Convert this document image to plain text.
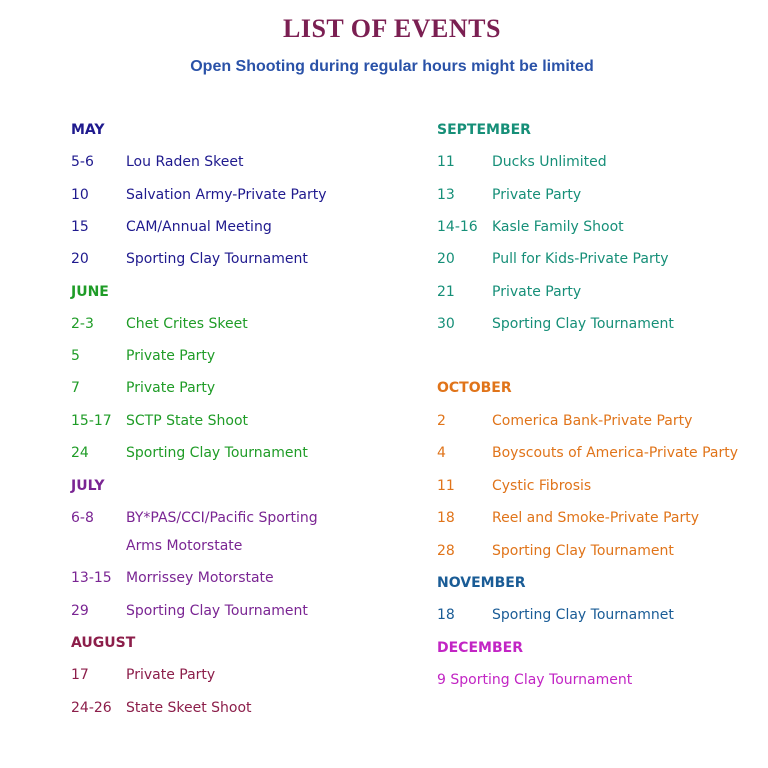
LIST OF EVENTS
Open Shooting during regular hours might be limited
MAY
5-6 Lou Raden Skeet
10	Salvation Army-Private Party
15	CAM/Annual Meeting
20	Sporting Clay Tournament
JUNE
2-3 Chet Crites Skeet
5	Private Party
7	Private Party
15-17 SCTP State Shoot
24	Sporting Clay Tournament
JULY
6-8 BY*PAS/CCI/Pacific Sporting
Arms Motorstate
13-15 Morrissey Motorstate
29	Sporting Clay Tournament
AUGUST
17	Private Party
24-26 State Skeet Shoot
SEPTEMBER
11	Ducks Unlimited
13	Private Party
14-16 Kasle Family Shoot
20	Pull for Kids-Private Party
21	Private Party
30	Sporting Clay Tournament
OCTOBER
2	Comerica Bank-Private Party
4	Boyscouts of America-Private Party
11	Cystic Fibrosis
18	Reel and Smoke-Private Party
28	Sporting Clay Tournament
NOVEMBER
18	Sporting Clay Tournamnet
DECEMBER
9 Sporting Clay Tournament
